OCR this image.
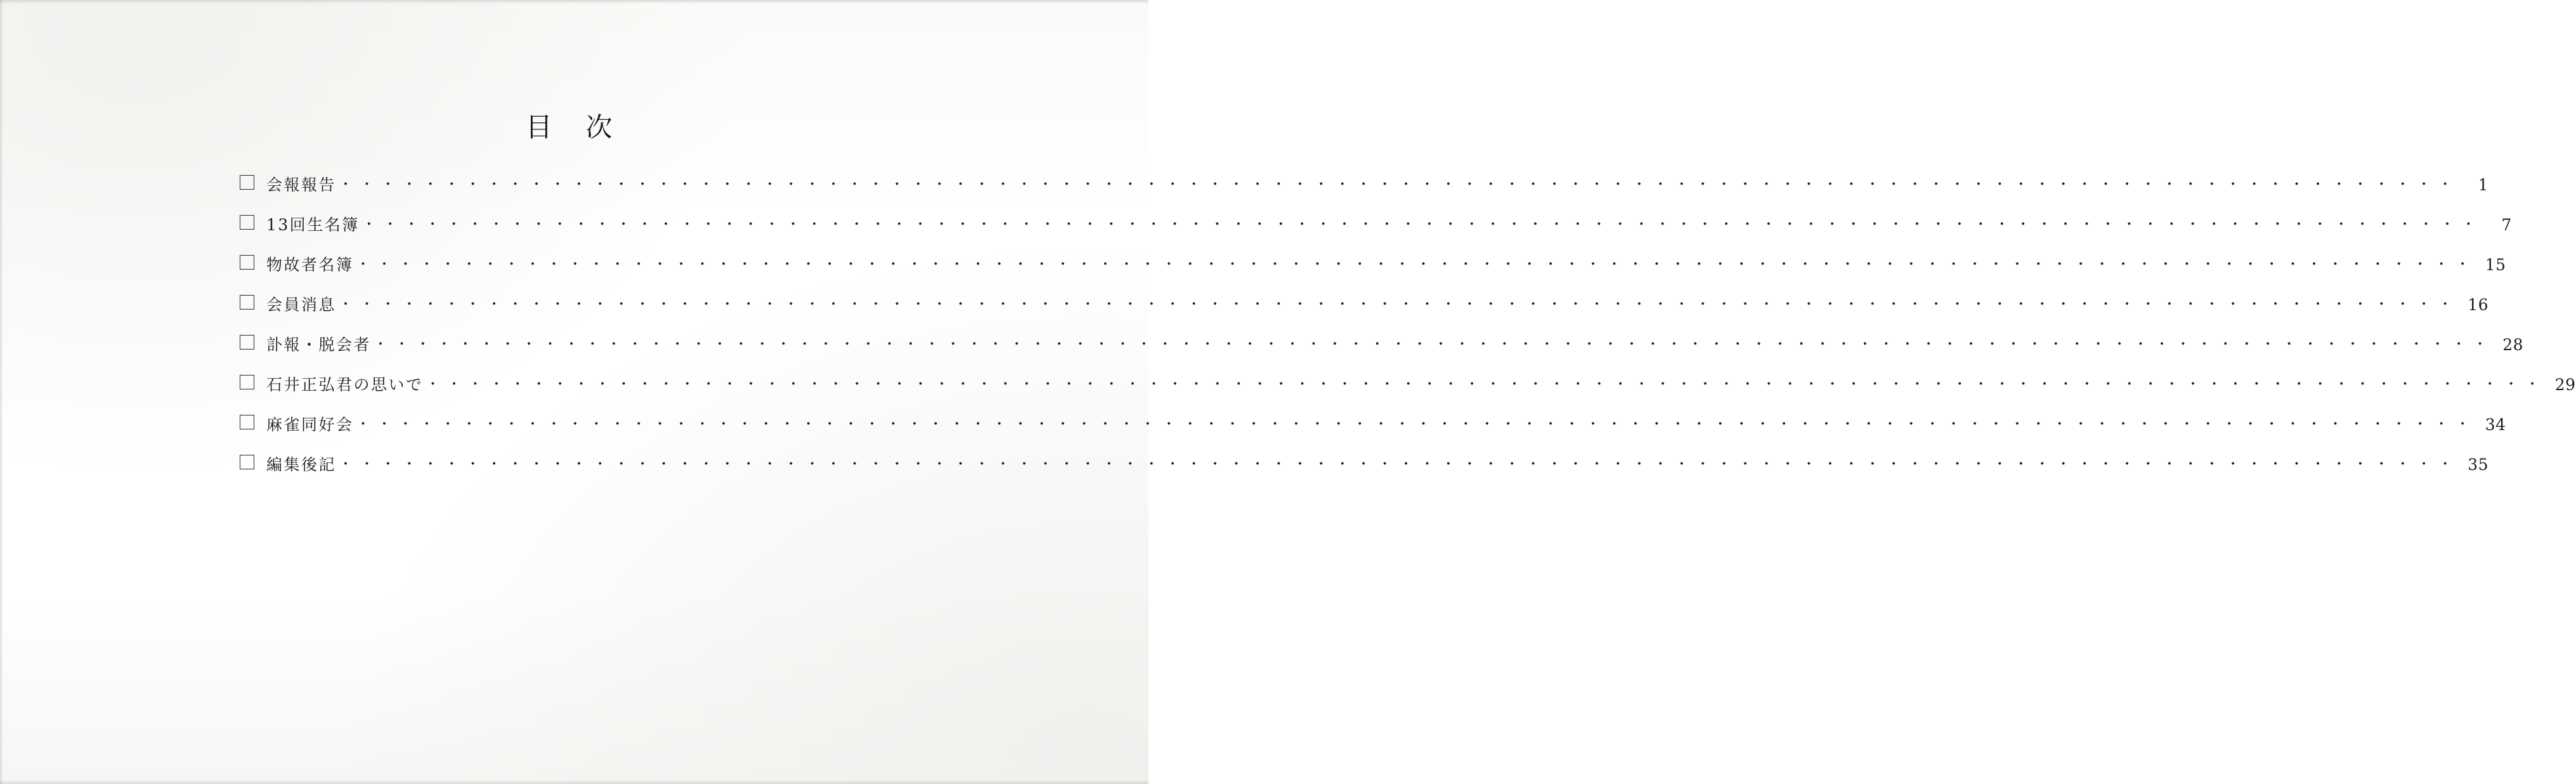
目 次
会報報告 ・・・・・・・・・・・・・・・・・・・・・・・・・・・・・・・・・・・・・・・・・・・・・・・・・・・・・・・・・・・・・・・・・・・・・・・・・・・・・・・・・・・・・・・・・・・・・・・・・・・・	1
13回生名簿 ・・・・・・・・・・・・・・・・・・・・・・・・・・・・・・・・・・・・・・・・・・・・・・・・・・・・・・・・・・・・・・・・・・・・・・・・・・・・・・・・・・・・・・・・・・・・・・・・・・・・	7
物故者名簿 ・・・・・・・・・・・・・・・・・・・・・・・・・・・・・・・・・・・・・・・・・・・・・・・・・・・・・・・・・・・・・・・・・・・・・・・・・・・・・・・・・・・・・・・・・・・・・・・・・・・・ 15
会員消息 ・・・・・・・・・・・・・・・・・・・・・・・・・・・・・・・・・・・・・・・・・・・・・・・・・・・・・・・・・・・・・・・・・・・・・・・・・・・・・・・・・・・・・・・・・・・・・・・・・・・・ 16
訃報・脱会者 ・・・・・・・・・・・・・・・・・・・・・・・・・・・・・・・・・・・・・・・・・・・・・・・・・・・・・・・・・・・・・・・・・・・・・・・・・・・・・・・・・・・・・・・・・・・・・・・・・・・・ 28
石井正弘君の思いで ・・・・・・・・・・・・・・・・・・・・・・・・・・・・・・・・・・・・・・・・・・・・・・・・・・・・・・・・・・・・・・・・・・・・・・・・・・・・・・・・・・・・・・・・・・・・・・・・・・・・ 29
麻雀同好会 ・・・・・・・・・・・・・・・・・・・・・・・・・・・・・・・・・・・・・・・・・・・・・・・・・・・・・・・・・・・・・・・・・・・・・・・・・・・・・・・・・・・・・・・・・・・・・・・・・・・・ 34
編集後記 ・・・・・・・・・・・・・・・・・・・・・・・・・・・・・・・・・・・・・・・・・・・・・・・・・・・・・・・・・・・・・・・・・・・・・・・・・・・・・・・・・・・・・・・・・・・・・・・・・・・・ 35
